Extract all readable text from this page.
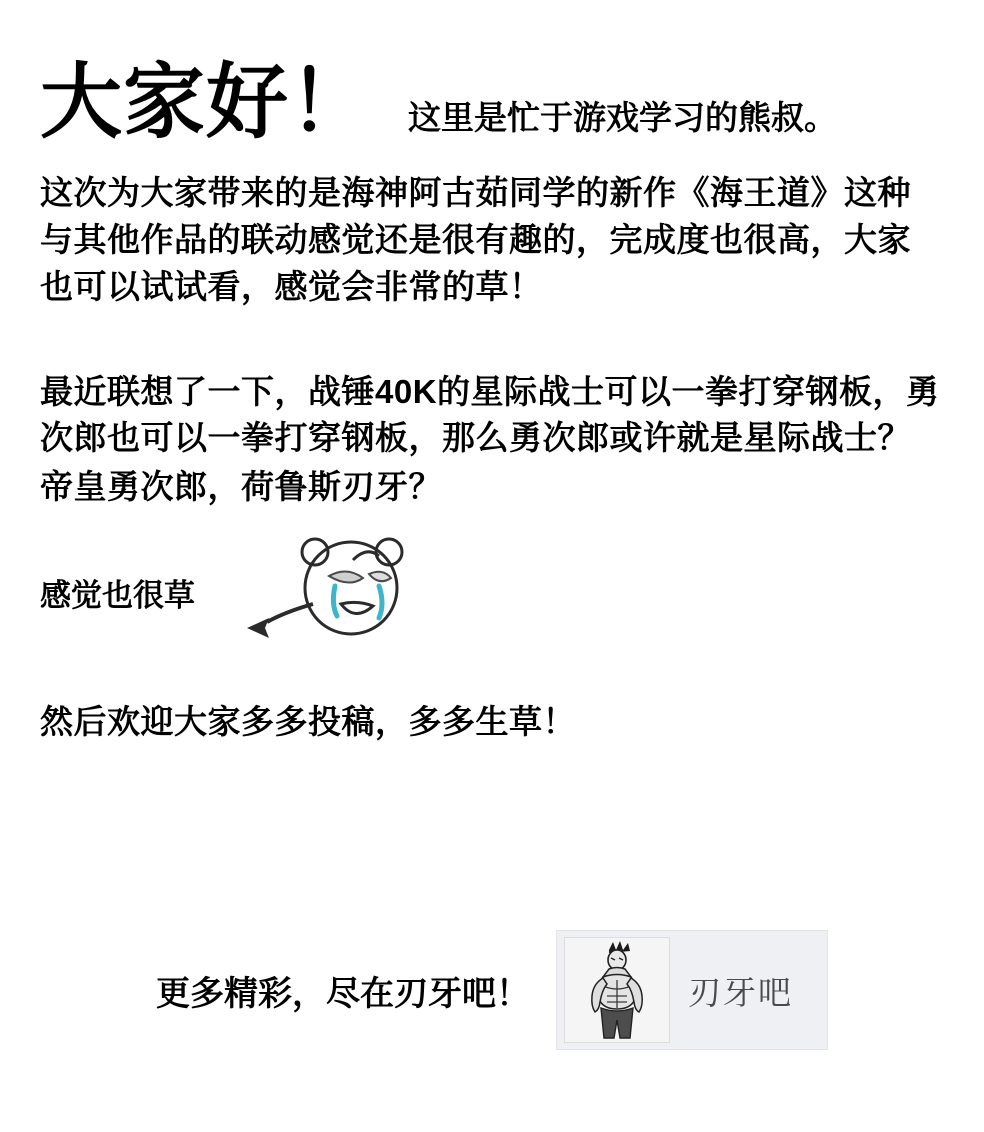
大家好！	这里是忙于游戏学习的熊叔。
这次为大家带来的是海神阿古茹同学的新作《海王道》这种与其他作品的联动感觉还是很有趣的，完成度也很高，大家也可以试试看，感觉会非常的草！
最近联想了一下，战锤40K的星际战士可以一拳打穿钢板，勇次郎也可以一拳打穿钢板，那么勇次郎或许就是星际战士？
帝皇勇次郎，荷鲁斯刃牙？
感觉也很草
然后欢迎大家多多投稿，多多生草！
更多精彩，尽在刃牙吧！	刃牙吧
